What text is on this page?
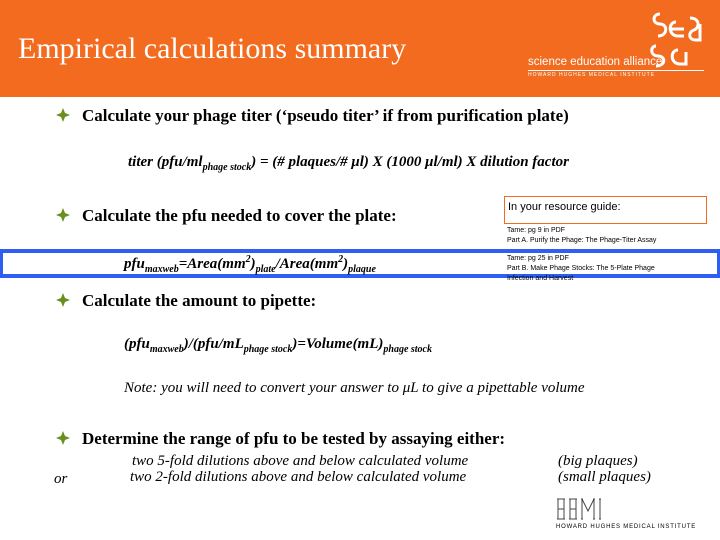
Empirical calculations summary	science education alliance
HOWARD HUGHES MEDICAL INSTITUTE
Calculate your phage titer (‘pseudo titer’ if from purification plate)
titer $(pfu/ml_{phage stock})$ = (# plaques/# μl) X (1000 μl/ml) X dilution factor
Calculate the pfu needed to cover the plate:	In your resource guide:
Tame: pg 9 in PDF
Part A. Purify the Phage: The Phage-Titer Assay
$pfu_{maxweb}=Area(mm^2)_{plate}/Area(mm^2)_{plaque}$
Tame: pg 25 in PDF
Part B. Make Phage Stocks: The 5-Plate Phage
Infection and Harvest
Calculate the amount to pipette:
$(pfu_{maxweb})/(pfu/mL_{phage stock})=Volume(mL)_{phage stock}$
Note: you will need to convert your answer to μL to give a pipettable volume
Determine the range of pfu to be tested by assaying either:
two 5-fold dilutions above and below calculated volume	(big plaques)
or	two 2-fold dilutions above and below calculated volume	(small plaques)
HOWARD HUGHES MEDICAL INSTITUTE
